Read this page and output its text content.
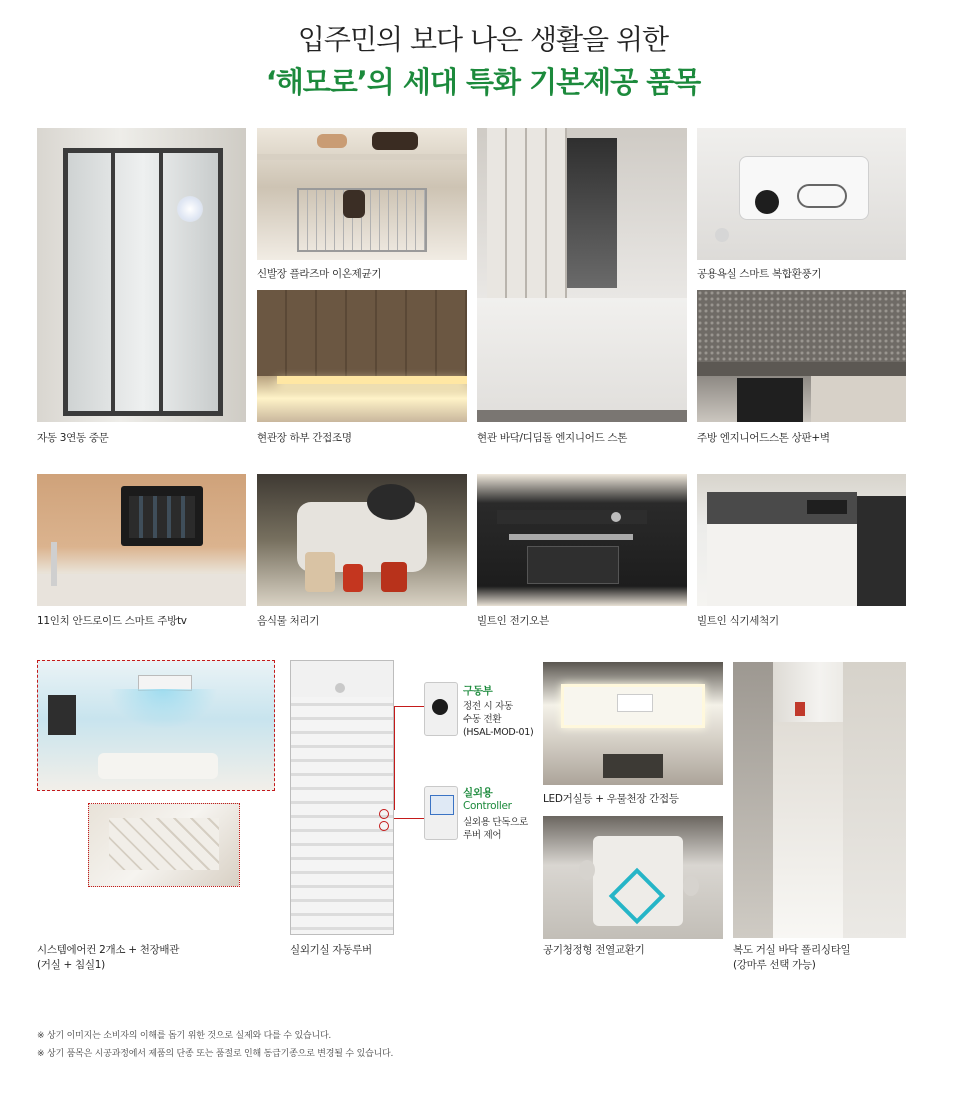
입주민의 보다 나은 생활을 위한
‘해모로’의 세대 특화 기본제공 품목
자동 3연동 중문
신발장 플라즈마 이온제균기
현관장 하부 간접조명	현관 바닥/디딤돌 엔지니어드 스톤
공용욕실 스마트 복합환풍기
주방 엔지니어드스톤 상판+벽
11인치 안드로이드 스마트 주방tv	음식물 처리기	빌트인 전기오븐	빌트인 식기세척기
시스템에어컨 2개소 + 천장배관
(거실 + 침실1)
구동부
정전 시 자동
수동 전환
(HSAL-MOD-01)
실외용
Controller
실외용 단독으로
루버 제어
실외기실 자동루버
LED거실등 + 우물천장 간접등
공기청정형 전열교환기	복도 거실 바닥 폴리싱타일
(강마루 선택 가능)
※ 상기 이미지는 소비자의 이해를 돕기 위한 것으로 실제와 다를 수 있습니다.
※ 상기 품목은 시공과정에서 제품의 단종 또는 품절로 인해 동급기종으로 변경될 수 있습니다.
